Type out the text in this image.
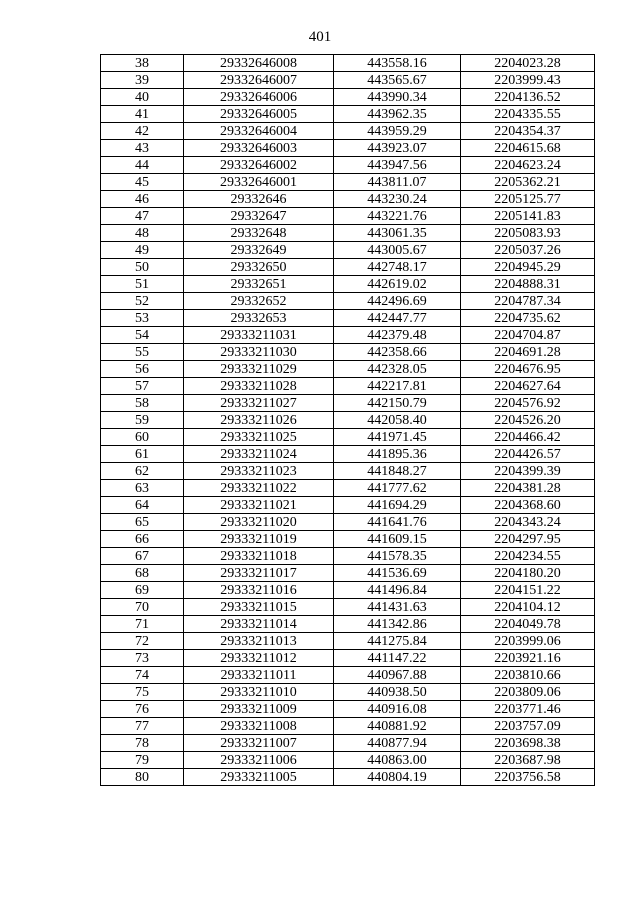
401
38	29332646008	443558.16	2204023.28
39	29332646007	443565.67	2203999.43
40	29332646006	443990.34	2204136.52
41	29332646005	443962.35	2204335.55
42	29332646004	443959.29	2204354.37
43	29332646003	443923.07	2204615.68
44	29332646002	443947.56	2204623.24
45	29332646001	443811.07	2205362.21
46	29332646	443230.24	2205125.77
47	29332647	443221.76	2205141.83
48	29332648	443061.35	2205083.93
49	29332649	443005.67	2205037.26
50	29332650	442748.17	2204945.29
51	29332651	442619.02	2204888.31
52	29332652	442496.69	2204787.34
53	29332653	442447.77	2204735.62
54	29333211031	442379.48	2204704.87
55	29333211030	442358.66	2204691.28
56	29333211029	442328.05	2204676.95
57	29333211028	442217.81	2204627.64
58	29333211027	442150.79	2204576.92
59	29333211026	442058.40	2204526.20
60	29333211025	441971.45	2204466.42
61	29333211024	441895.36	2204426.57
62	29333211023	441848.27	2204399.39
63	29333211022	441777.62	2204381.28
64	29333211021	441694.29	2204368.60
65	29333211020	441641.76	2204343.24
66	29333211019	441609.15	2204297.95
67	29333211018	441578.35	2204234.55
68	29333211017	441536.69	2204180.20
69	29333211016	441496.84	2204151.22
70	29333211015	441431.63	2204104.12
71	29333211014	441342.86	2204049.78
72	29333211013	441275.84	2203999.06
73	29333211012	441147.22	2203921.16
74	29333211011	440967.88	2203810.66
75	29333211010	440938.50	2203809.06
76	29333211009	440916.08	2203771.46
77	29333211008	440881.92	2203757.09
78	29333211007	440877.94	2203698.38
79	29333211006	440863.00	2203687.98
80	29333211005	440804.19	2203756.58
